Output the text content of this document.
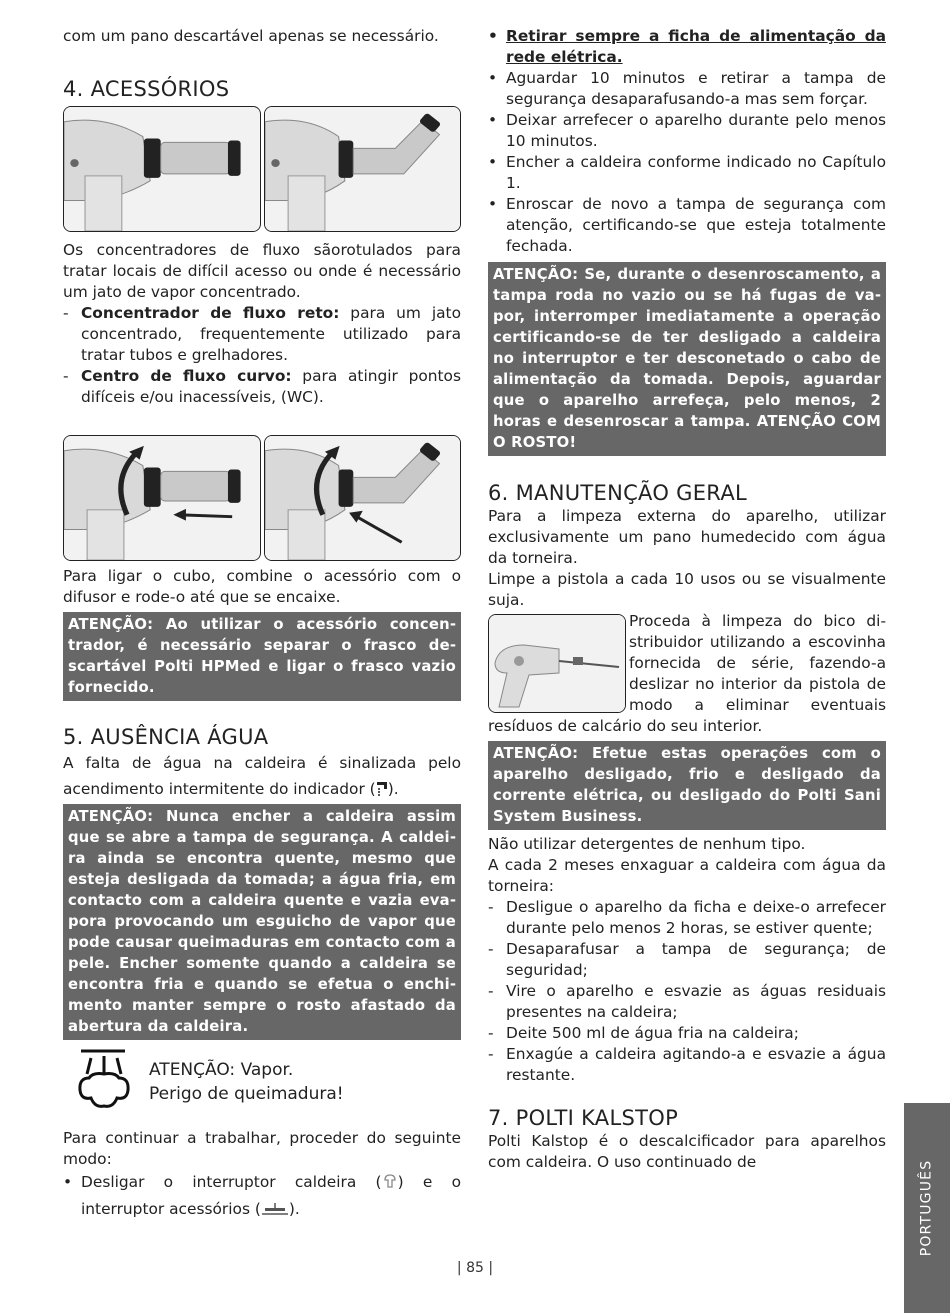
com um pano descartável apenas se necessário.

4. ACESSÓRIOS

Os concentradores de fluxo sãorotulados para tratar locais de difícil acesso ou onde é necessário um jato de vapor concentrado.

- Concentrador de fluxo reto: para um jato concentrado, frequentemente utilizado para tratar tubos e grelhadores.
- Centro de fluxo curvo: para atingir pontos difíceis e/ou inacessíveis, (WC).

Para ligar o cubo, combine o acessório com o difusor e rode-o até que se encaixe.

ATENÇÃO: Ao utilizar o acessório concentrador, é necessário separar o frasco descartável Polti HPMed e ligar o frasco vazio fornecido.
5. AUSÊNCIA ÁGUA

A falta de água na caldeira é sinalizada pelo acendimento intermitente do indicador ( ).

ATENÇÃO: Nunca encher a caldeira assim que se abre a tampa de segurança. A caldeira ainda se encontra quente, mesmo que esteja desligada da tomada; a água fria, em contacto com a caldeira quente e vazia evapora provocando um esguicho de vapor que pode causar queimaduras em contacto com a pele. Encher somente quando a caldeira se encontra fria e quando se efetua o enchimento manter sempre o rosto afastado da abertura da caldeira.
ATENÇÃO: Vapor.
Perigo de queimadura!

Para continuar a trabalhar, proceder do seguinte modo:

• Desligar o interruptor caldeira ( ) e o interruptor acessórios ( ).
• Retirar sempre a ficha de alimentação da rede elétrica.
• Aguardar 10 minutos e retirar a tampa de segurança desaparafusando-a mas sem forçar.
• Deixar arrefecer o aparelho durante pelo menos 10 minutos.
• Encher a caldeira conforme indicado no Capítulo 1.
• Enroscar de novo a tampa de segurança com atenção, certificando-se que esteja totalmente fechada.
ATENÇÃO: Se, durante o desenroscamento, a tampa roda no vazio ou se há fugas de vapor, interromper imediatamente a operação certificando-se de ter desligado a caldeira no interruptor e ter desconetado o cabo de alimentação da tomada. Depois, aguardar que o aparelho arrefeça, pelo menos, 2 horas e desenroscar a tampa. ATENÇÃO COM O ROSTO!
6. MANUTENÇÃO GERAL

Para a limpeza externa do aparelho, utilizar exclusivamente um pano humedecido com água da torneira.

Limpe a pistola a cada 10 usos ou se visualmente suja.

Proceda à limpeza do bico distribuidor utilizando a escovinha fornecida de série, fazendo-a deslizar no interior da pistola de modo a eliminar eventuais resíduos de calcário do seu interior.

ATENÇÃO: Efetue estas operações com o aparelho desligado, frio e desligado da corrente elétrica, ou desligado do Polti Sani System Business.

Não utilizar detergentes de nenhum tipo.

A cada 2 meses enxaguar a caldeira com água da torneira:

- Desligue o aparelho da ficha e deixe-o arrefecer durante pelo menos 2 horas, se estiver quente;
- Desaparafusar a tampa de segurança; de seguridad;
- Vire o aparelho e esvazie as águas residuais presentes na caldeira;
- Deite 500 ml de água fria na caldeira;
- Enxagúe a caldeira agitando-a e esvazie a água restante.
7. POLTI KALSTOP

Polti Kalstop é o descalcificador para aparelhos com caldeira. O uso continuado de	PORTUGUÊS
| 85 |
